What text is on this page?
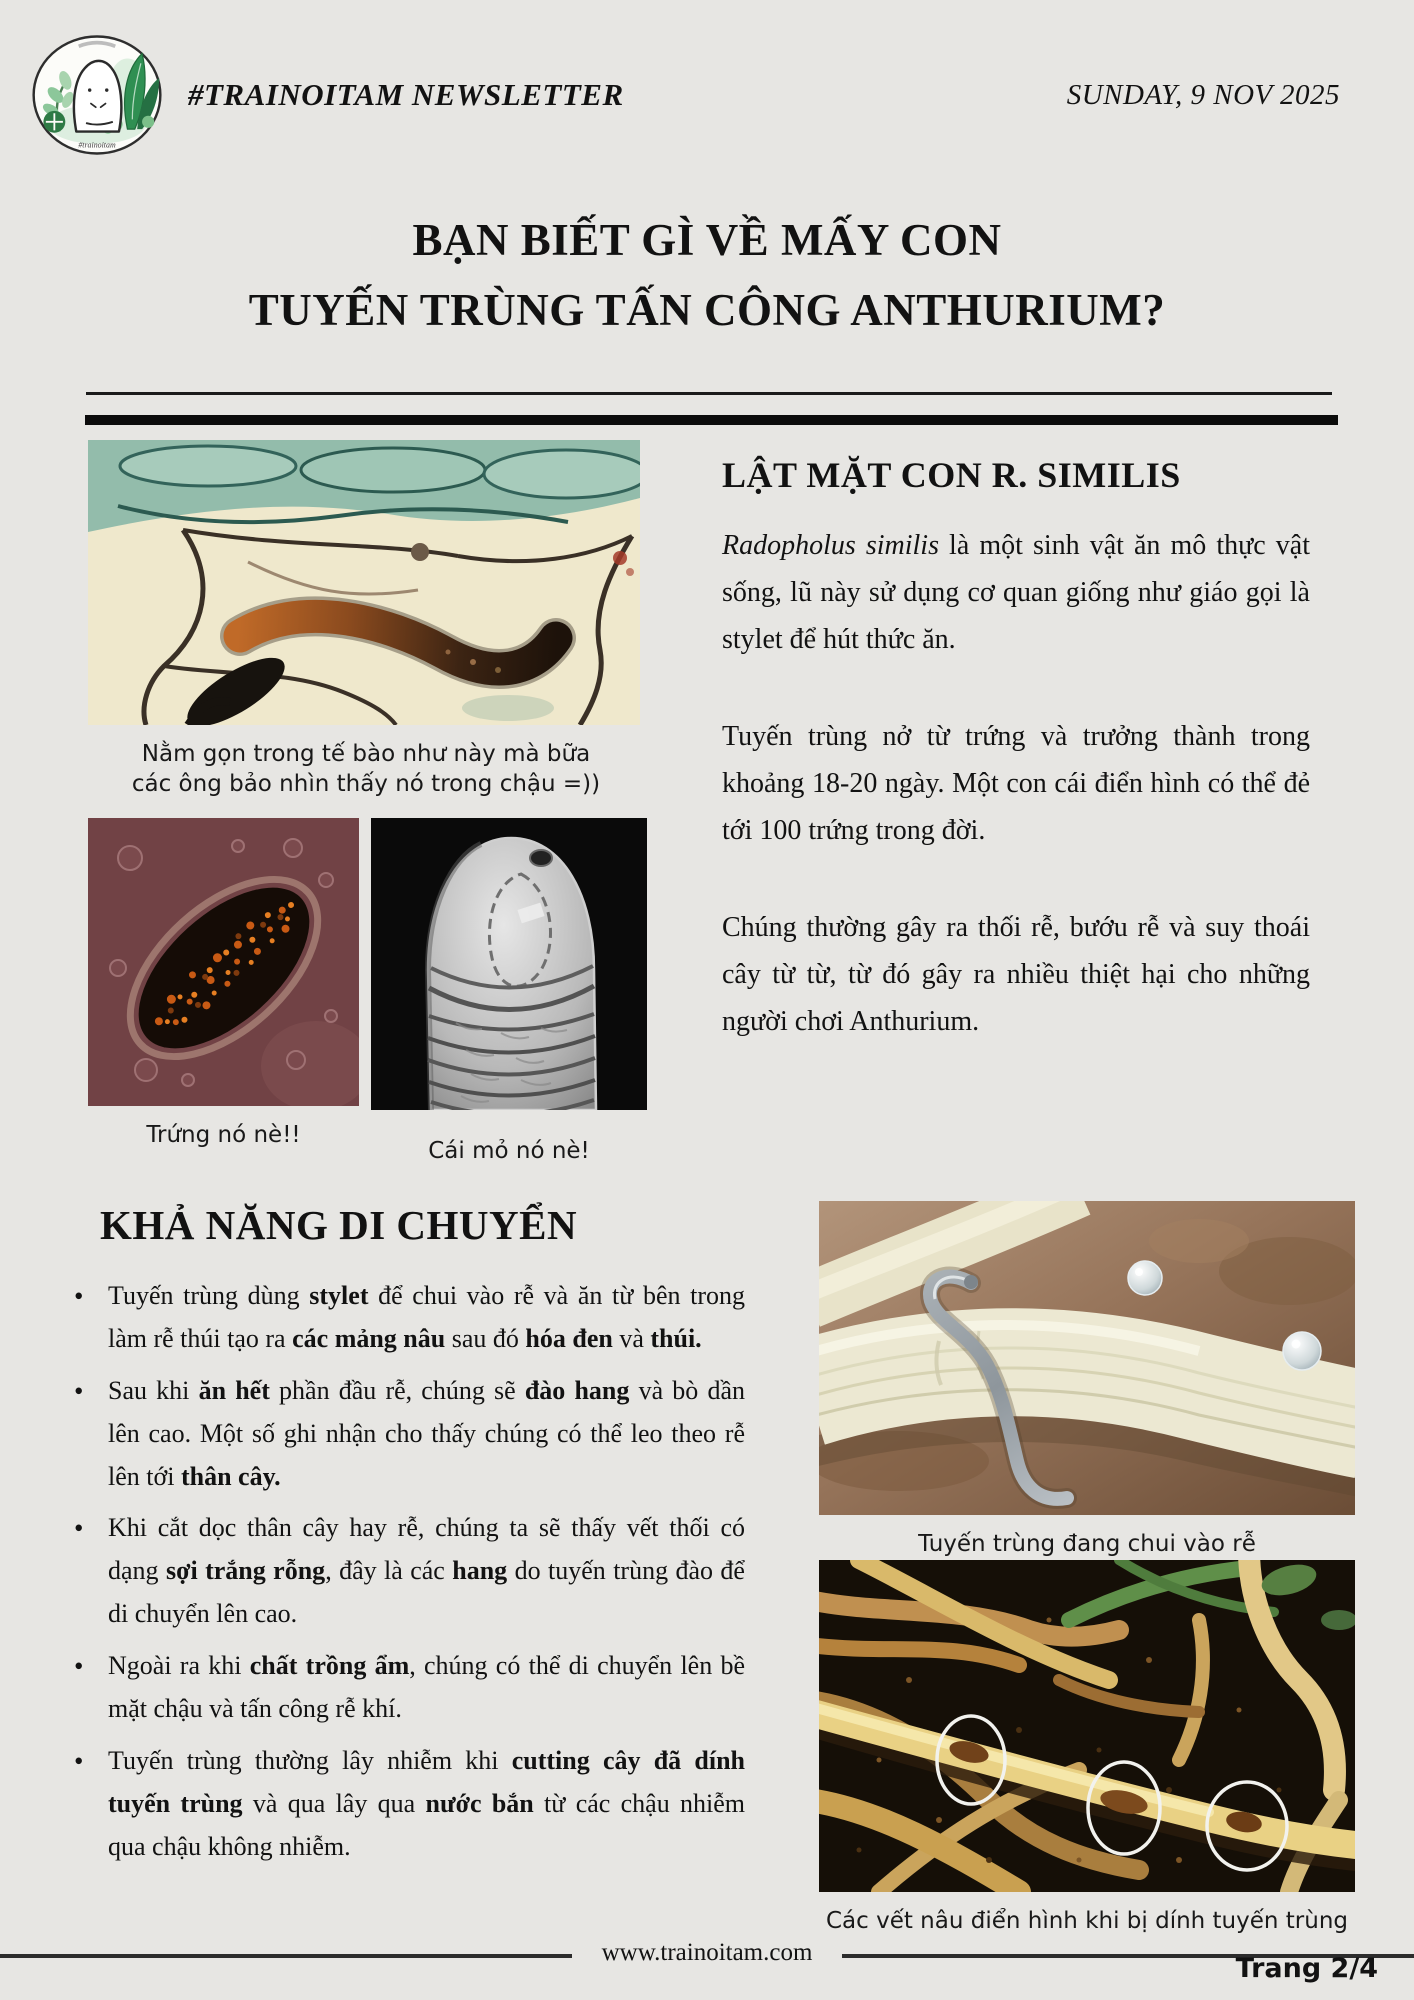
#trainoitam
#TRAINOITAM NEWSLETTER	SUNDAY, 9 NOV 2025
BẠN BIẾT GÌ VỀ MẤY CON
TUYẾN TRÙNG TẤN CÔNG ANTHURIUM?
Nằm gọn trong tế bào như này mà bữa
các ông bảo nhìn thấy nó trong chậu =))
Trứng nó nè!!
Cái mỏ nó nè!
LẬT MẶT CON R. SIMILIS

Radopholus similis là một sinh vật ăn mô thực vật sống, lũ này sử dụng cơ quan giống như giáo gọi là stylet để hút thức ăn.

Tuyến trùng nở từ trứng và trưởng thành trong khoảng 18-20 ngày. Một con cái điển hình có thể đẻ tới 100 trứng trong đời.

Chúng thường gây ra thối rễ, bướu rễ và suy thoái cây từ từ, từ đó gây ra nhiều thiệt hại cho những người chơi Anthurium.

KHẢ NĂNG DI CHUYỂN
• Tuyến trùng dùng stylet để chui vào rễ và ăn từ bên trong làm rễ thúi tạo ra các mảng nâu sau đó hóa đen và thúi.
• Sau khi ăn hết phần đầu rễ, chúng sẽ đào hang và bò dần lên cao. Một số ghi nhận cho thấy chúng có thể leo theo rễ lên tới thân cây.
• Khi cắt dọc thân cây hay rễ, chúng ta sẽ thấy vết thối có dạng sợi trắng rỗng, đây là các hang do tuyến trùng đào để di chuyển lên cao.
• Ngoài ra khi chất trồng ẩm, chúng có thể di chuyển lên bề mặt chậu và tấn công rễ khí.
• Tuyến trùng thường lây nhiễm khi cutting cây đã dính tuyến trùng và qua lây qua nước bắn từ các chậu nhiễm qua chậu không nhiễm.
Tuyến trùng đang chui vào rễ
Các vết nâu điển hình khi bị dính tuyến trùng
www.trainoitam.com
Trang 2/4
